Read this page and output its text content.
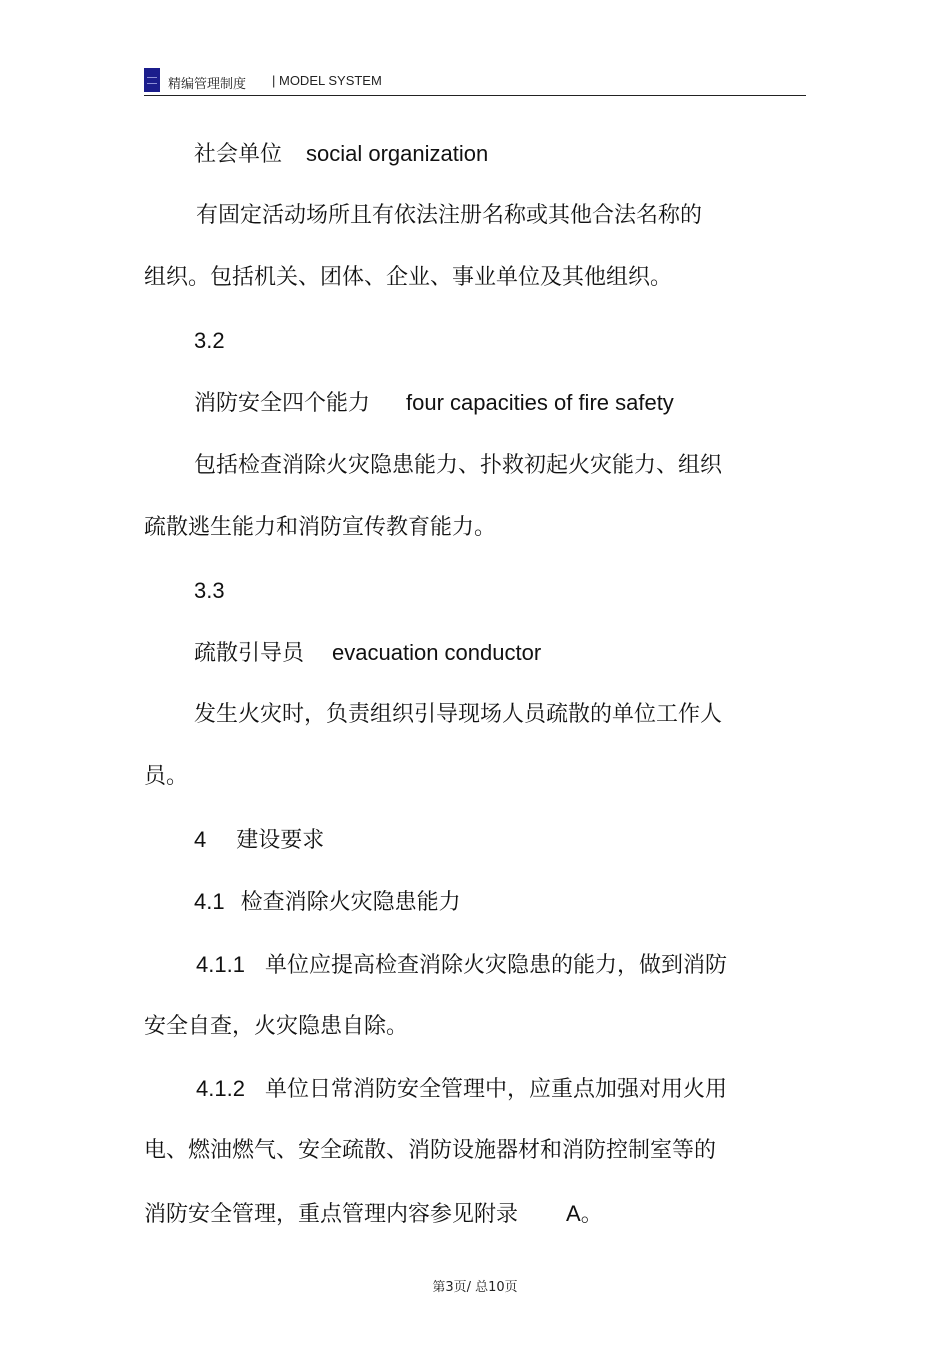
精编管理制度 | MODEL SYSTEM
社会单位 social organization
有固定活动场所且有依法注册名称或其他合法名称的
组织。包括机关、团体、企业、事业单位及其他组织。
3.2
消防安全四个能力 four capacities of fire safety
包括检查消除火灾隐患能力、扑救初起火灾能力、组织
疏散逃生能力和消防宣传教育能力。
3.3
疏散引导员 evacuation conductor
发生火灾时，负责组织引导现场人员疏散的单位工作人
员。
4 建设要求
4.1 检查消除火灾隐患能力
4.1.1 单位应提高检查消除火灾隐患的能力，做到消防
安全自查，火灾隐患自除。
4.1.2 单位日常消防安全管理中，应重点加强对用火用
电、燃油燃气、安全疏散、消防设施器材和消防控制室等的
消防安全管理，重点管理内容参见附录 A。
第3页/ 总10页
